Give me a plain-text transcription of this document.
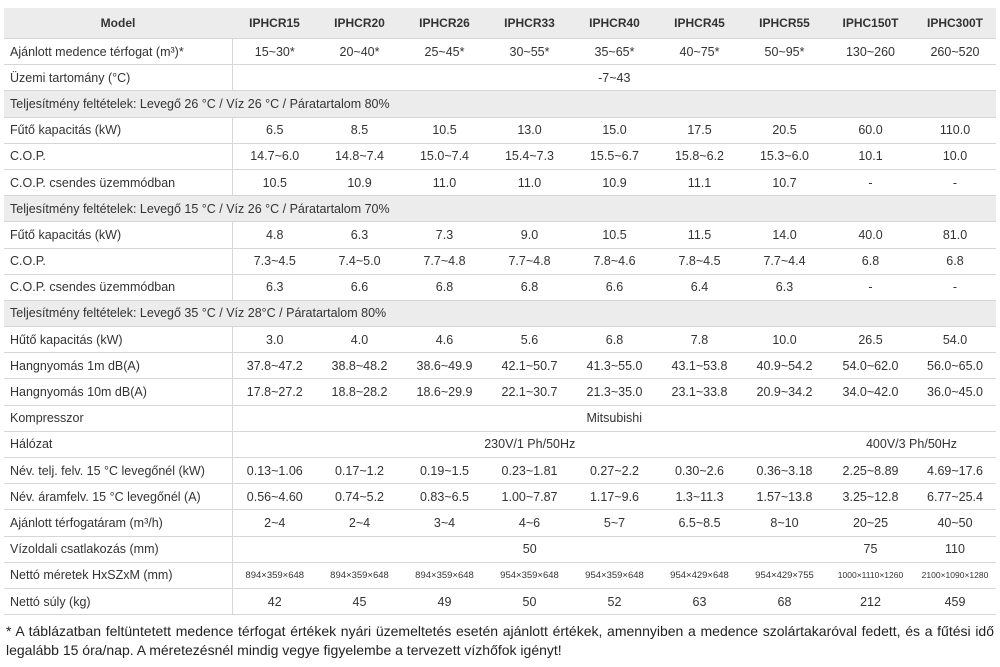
Model	IPHCR15	IPHCR20	IPHCR26	IPHCR33	IPHCR40	IPHCR45	IPHCR55	IPHC150T	IPHC300T
Ajánlott medence térfogat (m³)*	15~30*	20~40*	25~45*	30~55*	35~65*	40~75*	50~95*	130~260	260~520
Üzemi tartomány (°C)	-7~43								
Teljesítmény feltételek: Levegő 26 °C / Víz 26 °C / Páratartalom 80%									
Fűtő kapacitás (kW)	6.5	8.5	10.5	13.0	15.0	17.5	20.5	60.0	110.0
C.O.P.	14.7~6.0	14.8~7.4	15.0~7.4	15.4~7.3	15.5~6.7	15.8~6.2	15.3~6.0	10.1	10.0
C.O.P. csendes üzemmódban	10.5	10.9	11.0	11.0	10.9	11.1	10.7	-	-
Teljesítmény feltételek: Levegő 15 °C / Víz 26 °C / Páratartalom 70%									
Fűtő kapacitás (kW)	4.8	6.3	7.3	9.0	10.5	11.5	14.0	40.0	81.0
C.O.P.	7.3~4.5	7.4~5.0	7.7~4.8	7.7~4.8	7.8~4.6	7.8~4.5	7.7~4.4	6.8	6.8
C.O.P. csendes üzemmódban	6.3	6.6	6.8	6.8	6.6	6.4	6.3	-	-
Teljesítmény feltételek: Levegő 35 °C / Víz 28°C / Páratartalom 80%									
Hűtő kapacitás (kW)	3.0	4.0	4.6	5.6	6.8	7.8	10.0	26.5	54.0
Hangnyomás 1m dB(A)	37.8~47.2	38.8~48.2	38.6~49.9	42.1~50.7	41.3~55.0	43.1~53.8	40.9~54.2	54.0~62.0	56.0~65.0
Hangnyomás 10m dB(A)	17.8~27.2	18.8~28.2	18.6~29.9	22.1~30.7	21.3~35.0	23.1~33.8	20.9~34.2	34.0~42.0	36.0~45.0
Kompresszor	Mitsubishi								
Hálózat	230V/1 Ph/50Hz							400V/3 Ph/50Hz	
Név. telj. felv. 15 °C levegőnél (kW)	0.13~1.06	0.17~1.2	0.19~1.5	0.23~1.81	0.27~2.2	0.30~2.6	0.36~3.18	2.25~8.89	4.69~17.6
Név. áramfelv. 15 °C levegőnél (A)	0.56~4.60	0.74~5.2	0.83~6.5	1.00~7.87	1.17~9.6	1.3~11.3	1.57~13.8	3.25~12.8	6.77~25.4
Ajánlott térfogatáram (m³/h)	2~4	2~4	3~4	4~6	5~7	6.5~8.5	8~10	20~25	40~50
Vízoldali csatlakozás (mm)	50							75	110
Nettó méretek HxSZxM (mm)	894×359×648	894×359×648	894×359×648	954×359×648	954×359×648	954×429×648	954×429×755	1000×1110×1260	2100×1090×1280
Nettó súly (kg)	42	45	49	50	52	63	68	212	459
* A táblázatban feltüntetett medence térfogat értékek nyári üzemeltetés esetén ajánlott értékek, amennyiben a medence szolártakaróval fedett, és a fűtési idő legalább 15 óra/nap. A méretezésnél mindig vegye figyelembe a tervezett vízhőfok igényt!
